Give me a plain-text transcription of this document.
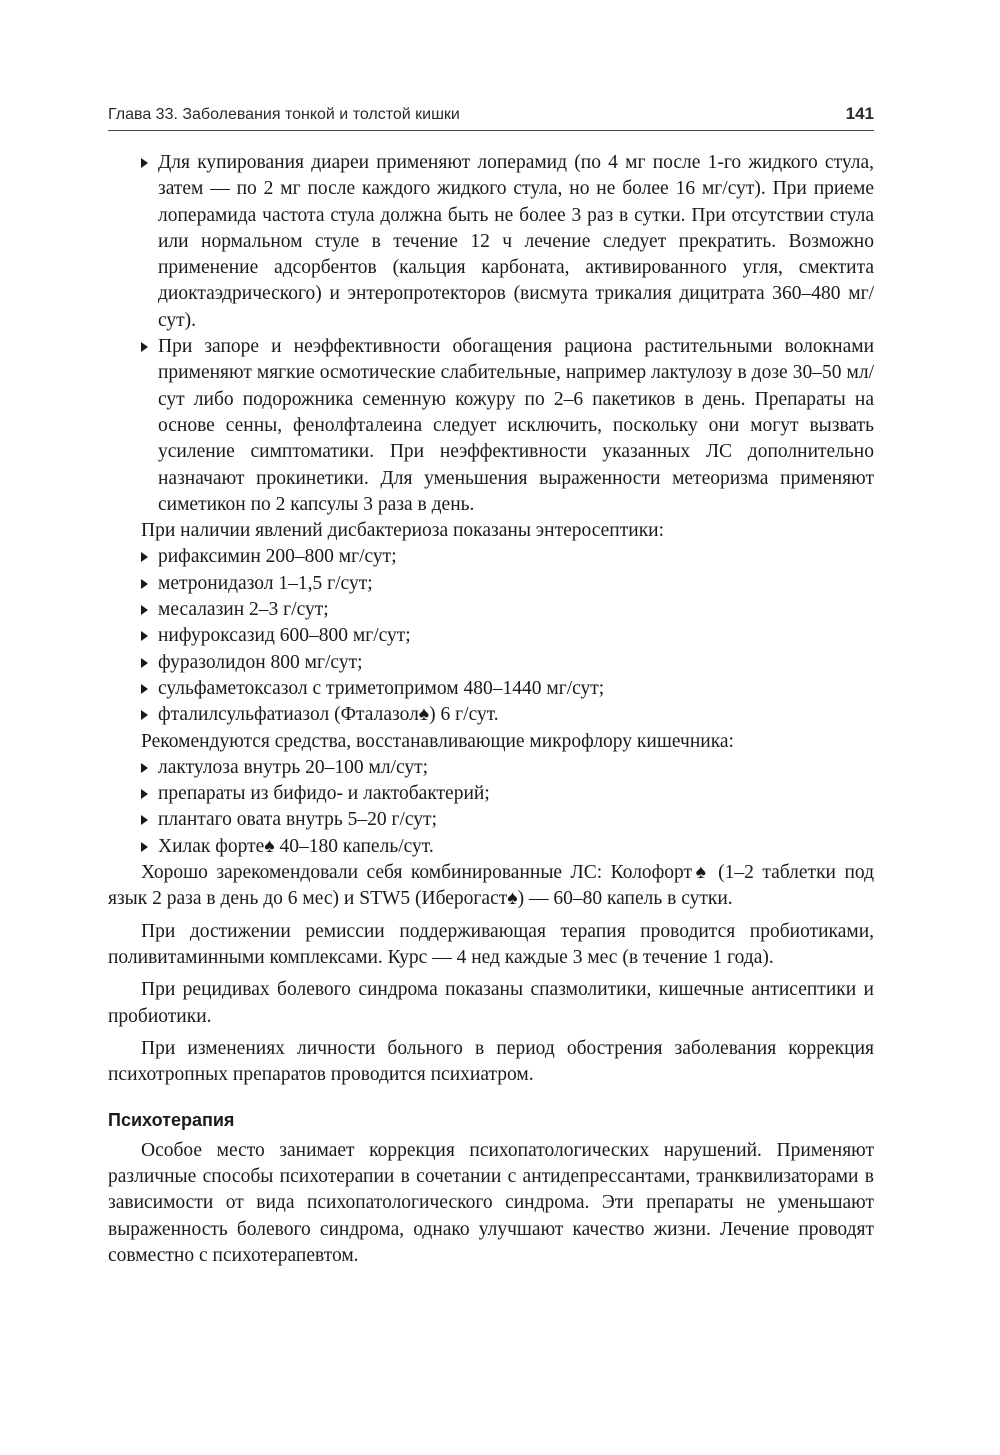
Глава 33. Заболевания тонкой и толстой кишки	141

Для купирования диареи применяют лоперамид (по 4 мг после 1-го жидкого стула, затем — по 2 мг после каждого жидкого стула, но не более 16 мг/сут). При приеме лоперамида частота стула должна быть не более 3 раз в сутки. При отсутствии стула или нормальном стуле в течение 12 ч лечение следует прекратить. Возможно применение адсорбентов (кальция карбоната, активированного угля, смектита диоктаэдрического) и энтеропротекторов (висмута трикалия дицитрата 360–480 мг/сут).

При запоре и неэффективности обогащения рациона растительными волокнами применяют мягкие осмотические слабительные, например лактулозу в дозе 30–50 мл/сут либо подорожника семенную кожуру по 2–6 пакетиков в день. Препараты на основе сенны, фенолфталеина следует исключить, поскольку они могут вызвать усиление симптоматики. При неэффективности указанных ЛС дополнительно назначают прокинетики. Для уменьшения выраженности метеоризма применяют симетикон по 2 капсулы 3 раза в день.

При наличии явлений дисбактериоза показаны энтеросептики:

рифаксимин 200–800 мг/сут;

метронидазол 1–1,5 г/сут;

месалазин 2–3 г/сут;

нифуроксазид 600–800 мг/сут;

фуразолидон 800 мг/сут;

сульфаметоксазол с триметопримом 480–1440 мг/сут;

фталилсульфатиазол (Фталазол♠) 6 г/сут.

Рекомендуются средства, восстанавливающие микрофлору кишечника:

лактулоза внутрь 20–100 мл/сут;

препараты из бифидо- и лактобактерий;

плантаго овата внутрь 5–20 г/сут;

Хилак форте♠ 40–180 капель/сут.

Хорошо зарекомендовали себя комбинированные ЛС: Колофорт♠ (1–2 таблетки под язык 2 раза в день до 6 мес) и STW5 (Иберогаст♠) — 60–80 капель в сутки.

При достижении ремиссии поддерживающая терапия проводится пробиотиками, поливитаминными комплексами. Курс — 4 нед каждые 3 мес (в течение 1 года).

При рецидивах болевого синдрома показаны спазмолитики, кишечные антисептики и пробиотики.

При изменениях личности больного в период обострения заболевания коррекция психотропных препаратов проводится психиатром.

Психотерапия

Особое место занимает коррекция психопатологических нарушений. Применяют различные способы психотерапии в сочетании с антидепрессантами, транквилизаторами в зависимости от вида психопатологического синдрома. Эти препараты не уменьшают выраженность болевого синдрома, однако улучшают качество жизни. Лечение проводят совместно с психотерапевтом.
